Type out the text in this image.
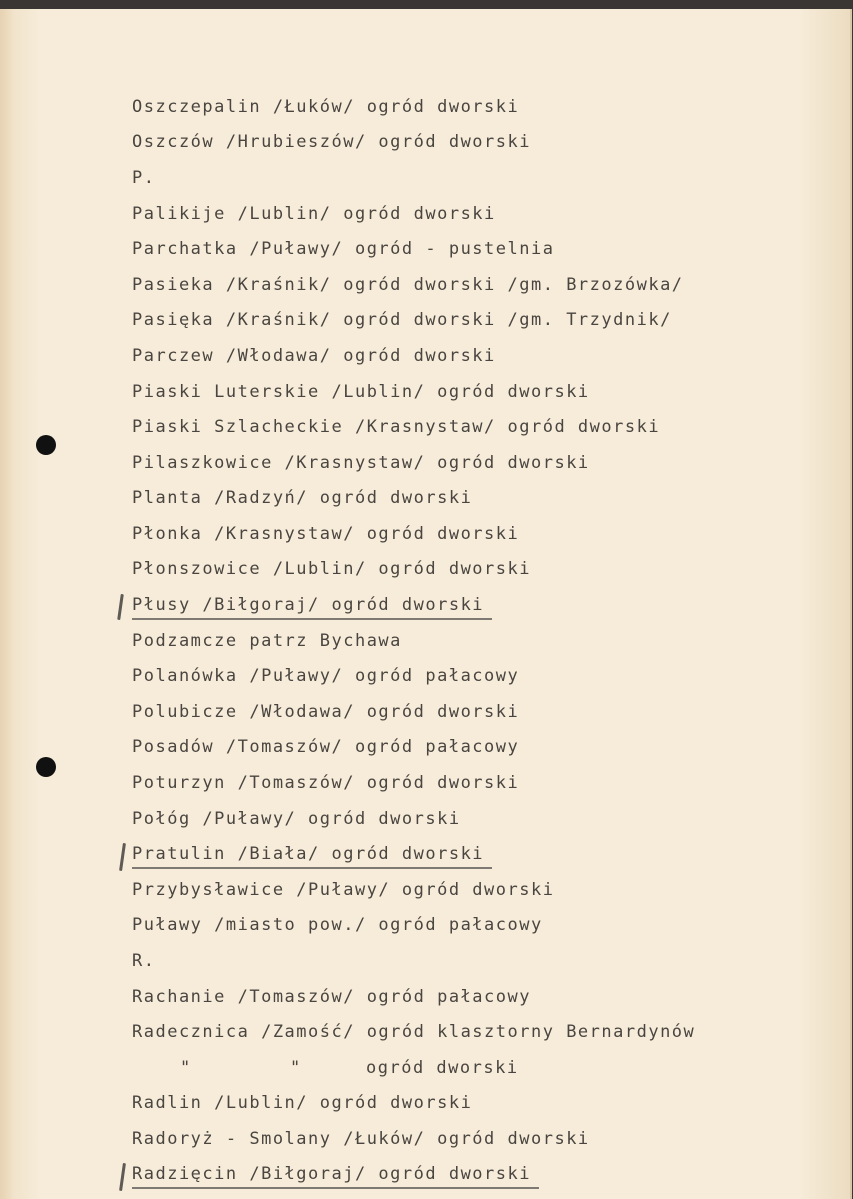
Oszczepalin /Łuków/ ogród dworski
Oszczów /Hrubieszów/ ogród dworski
P.
Palikije /Lublin/ ogród dworski
Parchatka /Puławy/ ogród - pustelnia
Pasieka /Kraśnik/ ogród dworski /gm. Brzozówka/
Pasięka /Kraśnik/ ogród dworski /gm. Trzydnik/
Parczew /Włodawa/ ogród dworski
Piaski Luterskie /Lublin/ ogród dworski
Piaski Szlacheckie /Krasnystaw/ ogród dworski
Pilaszkowice /Krasnystaw/ ogród dworski
Planta /Radzyń/ ogród dworski
Płonka /Krasnystaw/ ogród dworski
Płonszowice /Lublin/ ogród dworski
Płusy /Biłgoraj/ ogród dworski
Podzamcze patrz Bychawa
Polanówka /Puławy/ ogród pałacowy
Polubicze /Włodawa/ ogród dworski
Posadów /Tomaszów/ ogród pałacowy
Poturzyn /Tomaszów/ ogród dworski
Połóg /Puławy/ ogród dworski
Pratulin /Biała/ ogród dworski
Przybysławice /Puławy/ ogród dworski
Puławy /miasto pow./ ogród pałacowy
R.
Rachanie /Tomaszów/ ogród pałacowy
Radecznica /Zamość/ ogród klasztorny Bernardynów
"	"	ogród dworski
Radlin /Lublin/ ogród dworski
Radoryż - Smolany /Łuków/ ogród dworski
Radzięcin /Biłgoraj/ ogród dworski
